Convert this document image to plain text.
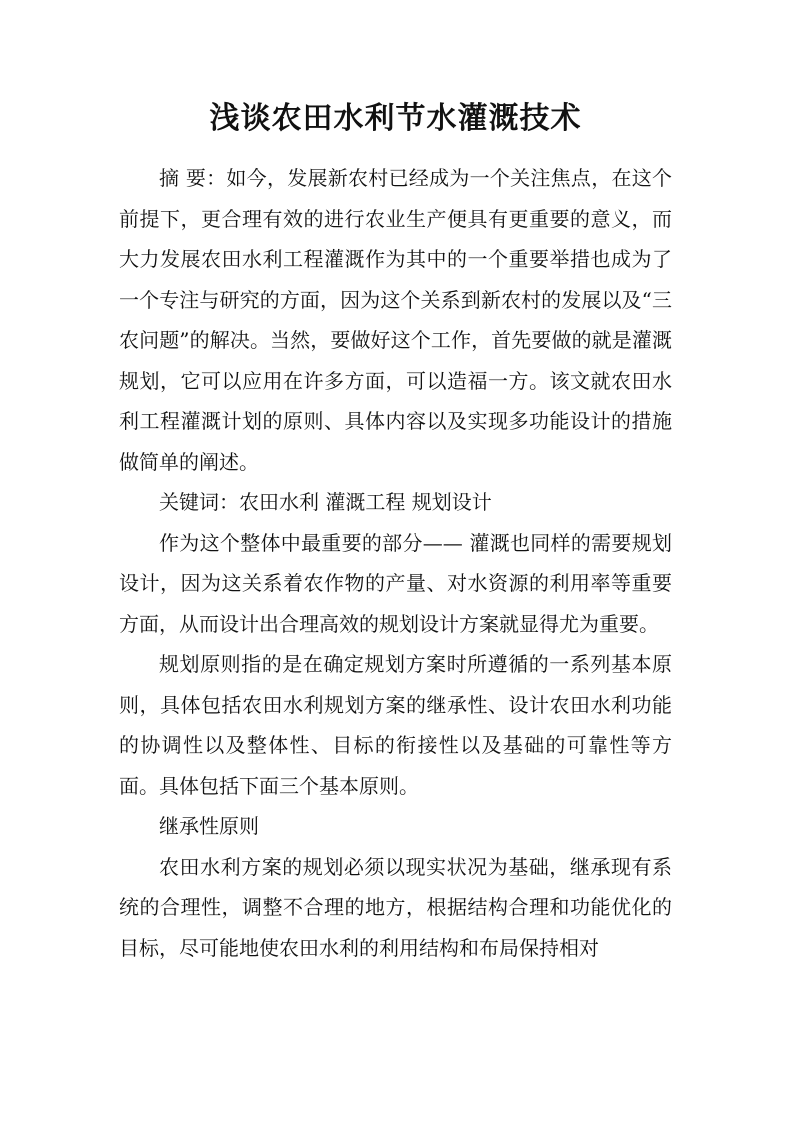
浅谈农田水利节水灌溉技术

摘 要：如今，发展新农村已经成为一个关注焦点，在这个前提下，更合理有效的进行农业生产便具有更重要的意义，而大力发展农田水利工程灌溉作为其中的一个重要举措也成为了一个专注与研究的方面，因为这个关系到新农村的发展以及“三农问题”的解决。当然，要做好这个工作，首先要做的就是灌溉规划，它可以应用在许多方面，可以造福一方。该文就农田水利工程灌溉计划的原则、具体内容以及实现多功能设计的措施做简单的阐述。

关键词：农田水利 灌溉工程 规划设计

作为这个整体中最重要的部分—— 灌溉也同样的需要规划设计，因为这关系着农作物的产量、对水资源的利用率等重要方面，从而设计出合理高效的规划设计方案就显得尤为重要。

规划原则指的是在确定规划方案时所遵循的一系列基本原则，具体包括农田水利规划方案的继承性、设计农田水利功能的协调性以及整体性、目标的衔接性以及基础的可靠性等方面。具体包括下面三个基本原则。

继承性原则

农田水利方案的规划必须以现实状况为基础，继承现有系统的合理性，调整不合理的地方，根据结构合理和功能优化的目标，尽可能地使农田水利的利用结构和布局保持相对
